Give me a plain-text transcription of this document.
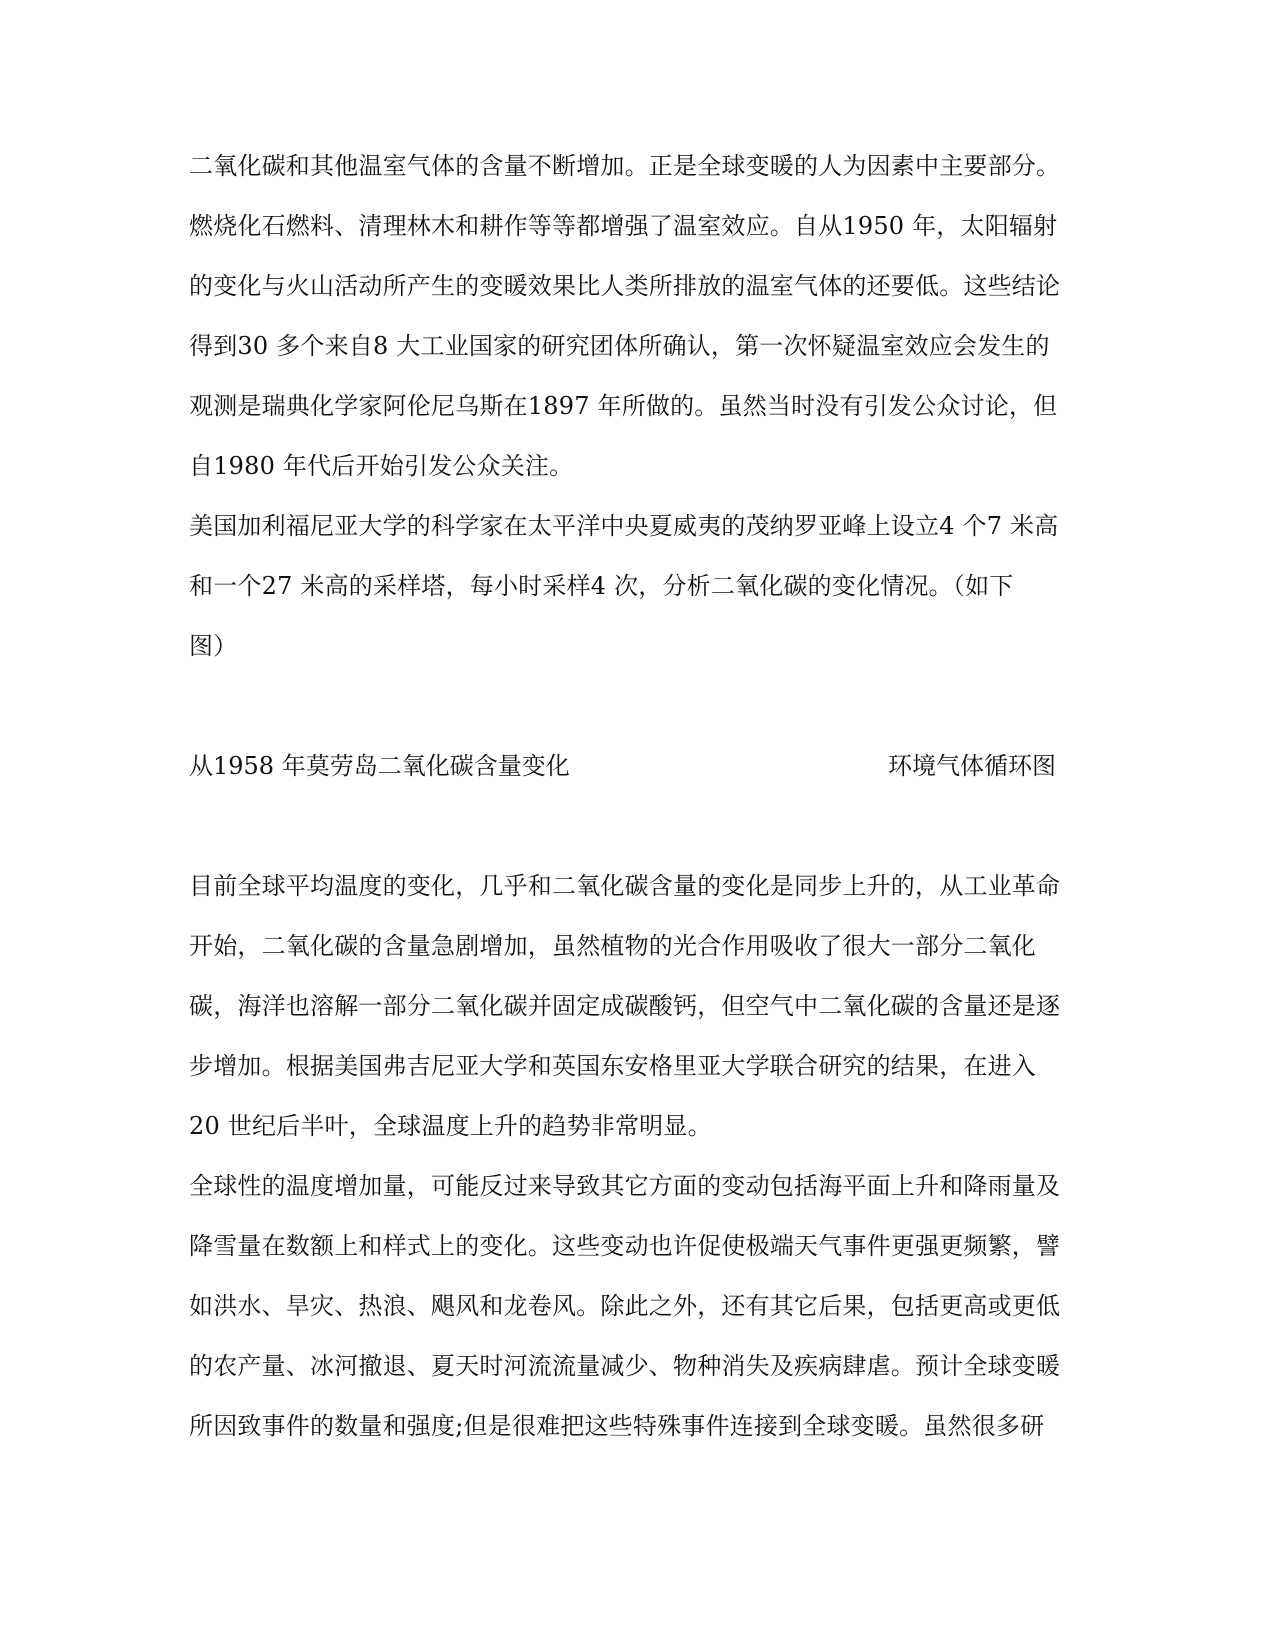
二氧化碳和其他温室气体的含量不断增加。正是全球变暖的人为因素中主要部分。
燃烧化石燃料、清理林木和耕作等等都增强了温室效应。自从1950 年，太阳辐射
的变化与火山活动所产生的变暖效果比人类所排放的温室气体的还要低。这些结论
得到30 多个来自8 大工业国家的研究团体所确认，第一次怀疑温室效应会发生的
观测是瑞典化学家阿伦尼乌斯在1897 年所做的。虽然当时没有引发公众讨论，但
自1980 年代后开始引发公众关注。
美国加利福尼亚大学的科学家在太平洋中央夏威夷的茂纳罗亚峰上设立4 个7 米高
和一个27 米高的采样塔，每小时采样4 次，分析二氧化碳的变化情况。（如下
图）
从1958 年莫劳岛二氧化碳含量变化	环境气体循环图
目前全球平均温度的变化，几乎和二氧化碳含量的变化是同步上升的，从工业革命
开始，二氧化碳的含量急剧增加，虽然植物的光合作用吸收了很大一部分二氧化
碳，海洋也溶解一部分二氧化碳并固定成碳酸钙，但空气中二氧化碳的含量还是逐
步增加。根据美国弗吉尼亚大学和英国东安格里亚大学联合研究的结果，在进入
20 世纪后半叶，全球温度上升的趋势非常明显。
全球性的温度增加量，可能反过来导致其它方面的变动包括海平面上升和降雨量及
降雪量在数额上和样式上的变化。这些变动也许促使极端天气事件更强更频繁，譬
如洪水、旱灾、热浪、飓风和龙卷风。除此之外，还有其它后果，包括更高或更低
的农产量、冰河撤退、夏天时河流流量减少、物种消失及疾病肆虐。预计全球变暖
所因致事件的数量和强度;但是很难把这些特殊事件连接到全球变暖。虽然很多研
